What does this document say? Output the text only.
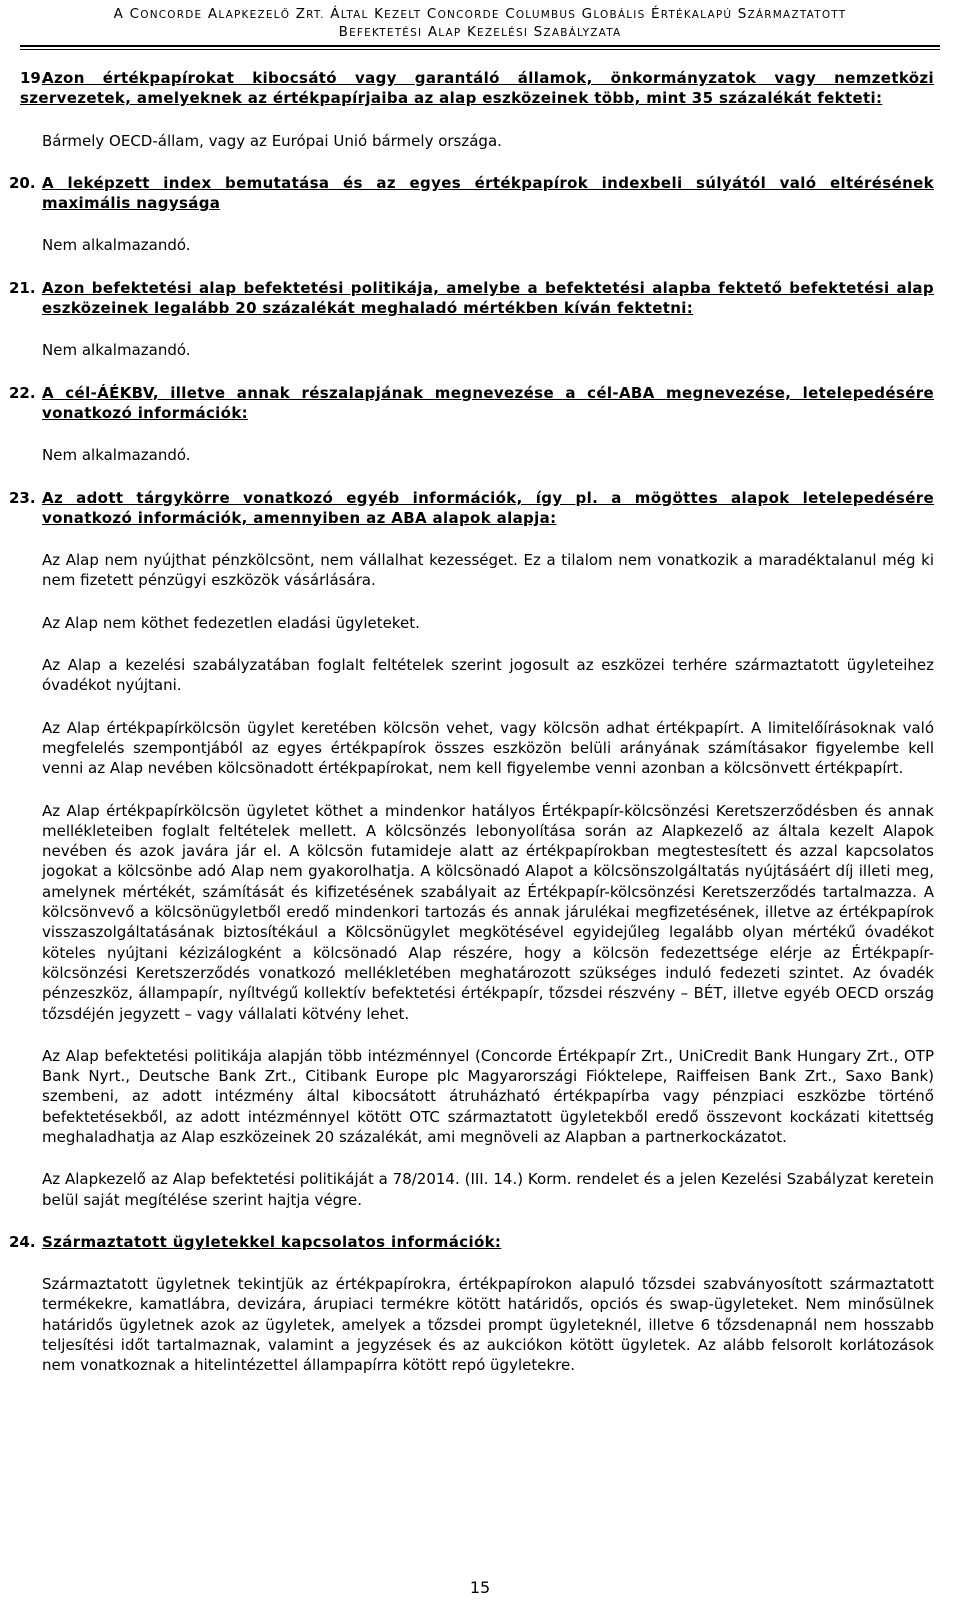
A CONCORDE ALAPKEZELŐ ZRT. ÁLTAL KEZELT CONCORDE COLUMBUS GLOBÁLIS ÉRTÉKALAPÚ SZÁRMAZTATOTT
BEFEKTETÉSI ALAP KEZELÉSI SZABÁLYZATA
19.
Azon értékpapírokat kibocsátó vagy garantáló államok, önkormányzatok vagy nemzetközi szervezetek, amelyeknek az értékpapírjaiba az alap eszközeinek több, mint 35 százalékát fekteti:
Bármely OECD-állam, vagy az Európai Unió bármely országa.
20. A leképzett index bemutatása és az egyes értékpapírok indexbeli súlyától való eltérésének maximális nagysága
Nem alkalmazandó.
21. Azon befektetési alap befektetési politikája, amelybe a befektetési alapba fektető befektetési alap eszközeinek legalább 20 százalékát meghaladó mértékben kíván fektetni:
Nem alkalmazandó.
22. A cél-ÁÉKBV, illetve annak részalapjának megnevezése a cél-ABA megnevezése, letelepedésére vonatkozó információk:
Nem alkalmazandó.
23. Az adott tárgykörre vonatkozó egyéb információk, így pl. a mögöttes alapok letelepedésére vonatkozó információk, amennyiben az ABA alapok alapja:
Az Alap nem nyújthat pénzkölcsönt, nem vállalhat kezességet. Ez a tilalom nem vonatkozik a maradéktalanul még ki nem fizetett pénzügyi eszközök vásárlására.
Az Alap nem köthet fedezetlen eladási ügyleteket.
Az Alap a kezelési szabályzatában foglalt feltételek szerint jogosult az eszközei terhére származtatott ügyleteihez óvadékot nyújtani.
Az Alap értékpapírkölcsön ügylet keretében kölcsön vehet, vagy kölcsön adhat értékpapírt. A limitelőírásoknak való megfelelés szempontjából az egyes értékpapírok összes eszközön belüli arányának számításakor figyelembe kell venni az Alap nevében kölcsönadott értékpapírokat, nem kell figyelembe venni azonban a kölcsönvett értékpapírt.
Az Alap értékpapírkölcsön ügyletet köthet a mindenkor hatályos Értékpapír-kölcsönzési Keretszerződésben és annak mellékleteiben foglalt feltételek mellett. A kölcsönzés lebonyolítása során az Alapkezelő az általa kezelt Alapok nevében és azok javára jár el. A kölcsön futamideje alatt az értékpapírokban megtestesített és azzal kapcsolatos jogokat a kölcsönbe adó Alap nem gyakorolhatja. A kölcsönadó Alapot a kölcsönszolgáltatás nyújtásáért díj illeti meg, amelynek mértékét, számítását és kifizetésének szabályait az Értékpapír-kölcsönzési Keretszerződés tartalmazza. A kölcsönvevő a kölcsönügyletből eredő mindenkori tartozás és annak járulékai megfizetésének, illetve az értékpapírok visszaszolgáltatásának biztosítékául a Kölcsönügylet megkötésével egyidejűleg legalább olyan mértékű óvadékot köteles nyújtani kézizálogként a kölcsönadó Alap részére, hogy a kölcsön fedezettsége elérje az Értékpapír-kölcsönzési Keretszerződés vonatkozó mellékletében meghatározott szükséges induló fedezeti szintet. Az óvadék pénzeszköz, állampapír, nyíltvégű kollektív befektetési értékpapír, tőzsdei részvény – BÉT, illetve egyéb OECD ország tőzsdéjén jegyzett – vagy vállalati kötvény lehet.
Az Alap befektetési politikája alapján több intézménnyel (Concorde Értékpapír Zrt., UniCredit Bank Hungary Zrt., OTP Bank Nyrt., Deutsche Bank Zrt., Citibank Europe plc Magyarországi Fióktelepe, Raiffeisen Bank Zrt., Saxo Bank) szembeni, az adott intézmény által kibocsátott átruházható értékpapírba vagy pénzpiaci eszközbe történő befektetésekből, az adott intézménnyel kötött OTC származtatott ügyletekből eredő összevont kockázati kitettség meghaladhatja az Alap eszközeinek 20 százalékát, ami megnöveli az Alapban a partnerkockázatot.
Az Alapkezelő az Alap befektetési politikáját a 78/2014. (III. 14.) Korm. rendelet és a jelen Kezelési Szabályzat keretein belül saját megítélése szerint hajtja végre.
24. Származtatott ügyletekkel kapcsolatos információk:
Származtatott ügyletnek tekintjük az értékpapírokra, értékpapírokon alapuló tőzsdei szabványosított származtatott termékekre, kamatlábra, devizára, árupiaci termékre kötött határidős, opciós és swap-ügyleteket. Nem minősülnek határidős ügyletnek azok az ügyletek, amelyek a tőzsdei prompt ügyleteknél, illetve 6 tőzsdenapnál nem hosszabb teljesítési időt tartalmaznak, valamint a jegyzések és az aukciókon kötött ügyletek. Az alább felsorolt korlátozások nem vonatkoznak a hitelintézettel állampapírra kötött repó ügyletekre.
15
